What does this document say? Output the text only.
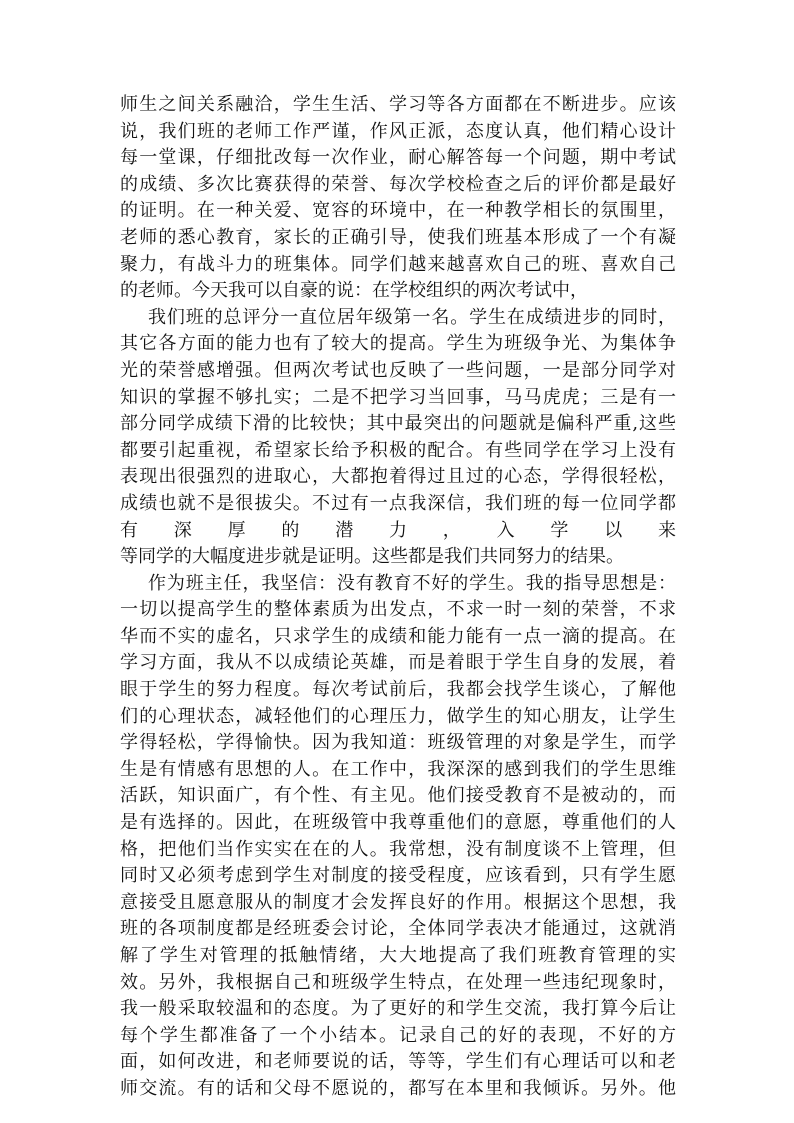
师生之间关系融洽，学生生活、学习等各方面都在不断进步。应该
说，我们班的老师工作严谨，作风正派，态度认真，他们精心设计
每一堂课，仔细批改每一次作业，耐心解答每一个问题，期中考试
的成绩、多次比赛获得的荣誉、每次学校检查之后的评价都是最好
的证明。在一种关爱、宽容的环境中，在一种教学相长的氛围里，
老师的悉心教育，家长的正确引导，使我们班基本形成了一个有凝
聚力，有战斗力的班集体。同学们越来越喜欢自己的班、喜欢自己
的老师。今天我可以自豪的说：在学校组织的两次考试中，
我们班的总评分一直位居年级第一名。学生在成绩进步的同时，
其它各方面的能力也有了较大的提高。学生为班级争光、为集体争
光的荣誉感增强。但两次考试也反映了一些问题，一是部分同学对
知识的掌握不够扎实；二是不把学习当回事，马马虎虎；三是有一
部分同学成绩下滑的比较快；其中最突出的问题就是偏科严重,这些
都要引起重视，希望家长给予积极的配合。有些同学在学习上没有
表现出很强烈的进取心，大都抱着得过且过的心态，学得很轻松，
成绩也就不是很拔尖。不过有一点我深信，我们班的每一位同学都
有 深 厚 的 潜 力 ， 入 学 以 来
等同学的大幅度进步就是证明。这些都是我们共同努力的结果。
作为班主任，我坚信：没有教育不好的学生。我的指导思想是：
一切以提高学生的整体素质为出发点，不求一时一刻的荣誉，不求
华而不实的虚名，只求学生的成绩和能力能有一点一滴的提高。在
学习方面，我从不以成绩论英雄，而是着眼于学生自身的发展，着
眼于学生的努力程度。每次考试前后，我都会找学生谈心，了解他
们的心理状态，减轻他们的心理压力，做学生的知心朋友，让学生
学得轻松，学得愉快。因为我知道：班级管理的对象是学生，而学
生是有情感有思想的人。在工作中，我深深的感到我们的学生思维
活跃，知识面广，有个性、有主见。他们接受教育不是被动的，而
是有选择的。因此，在班级管中我尊重他们的意愿，尊重他们的人
格，把他们当作实实在在的人。我常想，没有制度谈不上管理，但
同时又必须考虑到学生对制度的接受程度，应该看到，只有学生愿
意接受且愿意服从的制度才会发挥良好的作用。根据这个思想，我
班的各项制度都是经班委会讨论，全体同学表决才能通过，这就消
解了学生对管理的抵触情绪，大大地提高了我们班教育管理的实
效。另外，我根据自己和班级学生特点，在处理一些违纪现象时，
我一般采取较温和的态度。为了更好的和学生交流，我打算今后让
每个学生都准备了一个小结本。记录自己的好的表现，不好的方
面，如何改进，和老师要说的话，等等，学生们有心理话可以和老
师交流。有的话和父母不愿说的，都写在本里和我倾诉。另外。他
